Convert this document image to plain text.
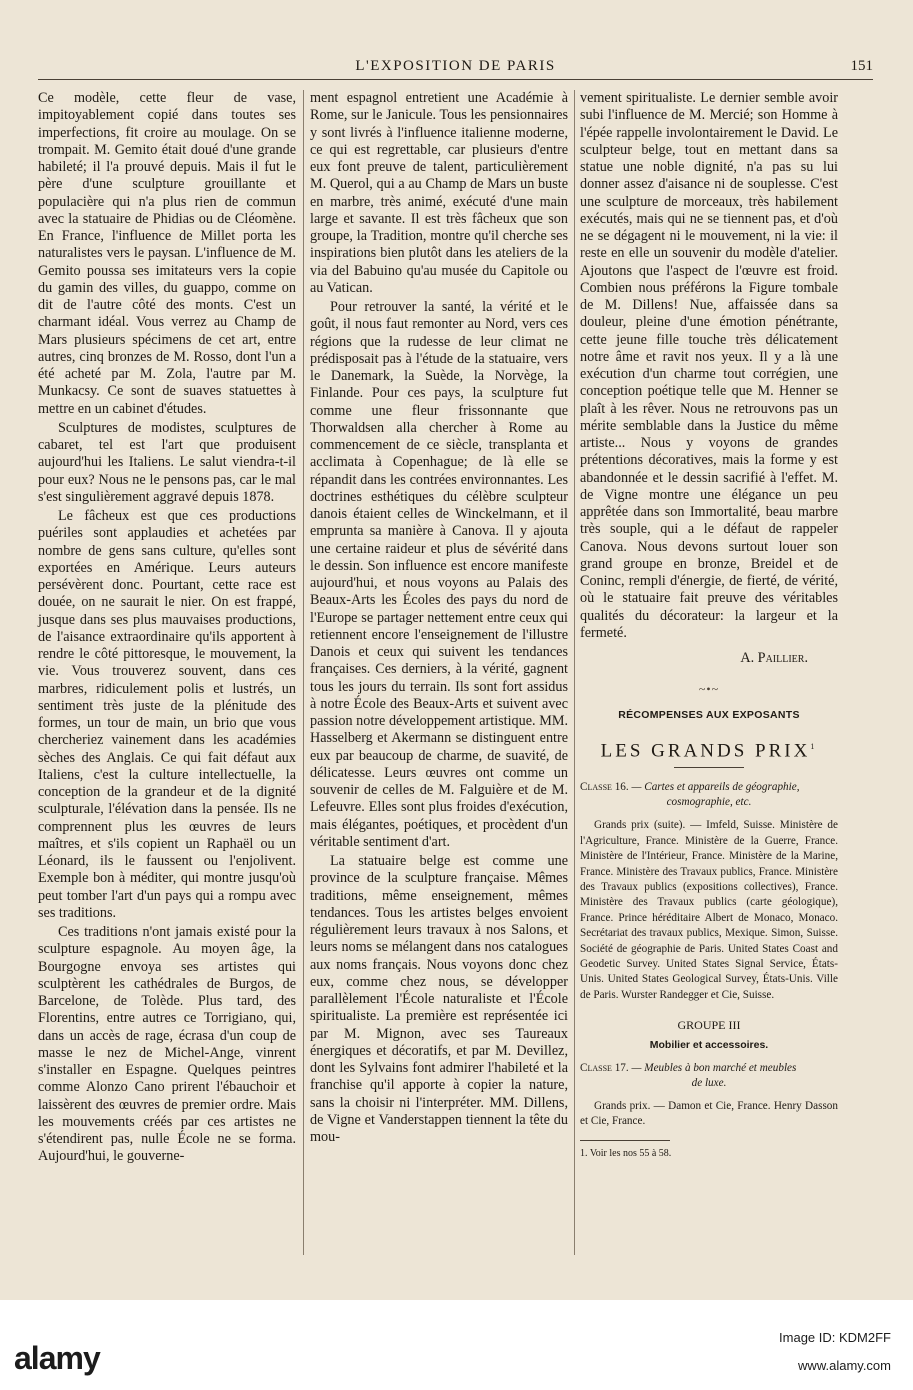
L'EXPOSITION DE PARIS	151

Ce modèle, cette fleur de vase, impitoyablement copié dans toutes ses imperfections, fit croire au moulage. On se trompait. M. Gemito était doué d'une grande habileté; il l'a prouvé depuis. Mais il fut le père d'une sculpture grouillante et populacière qui n'a plus rien de commun avec la statuaire de Phidias ou de Cléomène. En France, l'influence de Millet porta les naturalistes vers le paysan. L'influence de M. Gemito poussa ses imitateurs vers la copie du gamin des villes, du guappo, comme on dit de l'autre côté des monts. C'est un charmant idéal. Vous verrez au Champ de Mars plusieurs spécimens de cet art, entre autres, cinq bronzes de M. Rosso, dont l'un a été acheté par M. Zola, l'autre par M. Munkacsy. Ce sont de suaves statuettes à mettre en un cabinet d'études.

Sculptures de modistes, sculptures de cabaret, tel est l'art que produisent aujourd'hui les Italiens. Le salut viendra-t-il pour eux? Nous ne le pensons pas, car le mal s'est singulièrement aggravé depuis 1878.

Le fâcheux est que ces productions puériles sont applaudies et achetées par nombre de gens sans culture, qu'elles sont exportées en Amérique. Leurs auteurs persévèrent donc. Pourtant, cette race est douée, on ne saurait le nier. On est frappé, jusque dans ses plus mauvaises productions, de l'aisance extraordinaire qu'ils apportent à rendre le côté pittoresque, le mouvement, la vie. Vous trouverez souvent, dans ces marbres, ridiculement polis et lustrés, un sentiment très juste de la plénitude des formes, un tour de main, un brio que vous chercheriez vainement dans les académies sèches des Anglais. Ce qui fait défaut aux Italiens, c'est la culture intellectuelle, la conception de la grandeur et de la dignité sculpturale, l'élévation dans la pensée. Ils ne comprennent plus les œuvres de leurs maîtres, et s'ils copient un Raphaël ou un Léonard, ils le faussent ou l'enjolivent. Exemple bon à méditer, qui montre jusqu'où peut tomber l'art d'un pays qui a rompu avec ses traditions.

Ces traditions n'ont jamais existé pour la sculpture espagnole. Au moyen âge, la Bourgogne envoya ses artistes qui sculptèrent les cathédrales de Burgos, de Barcelone, de Tolède. Plus tard, des Florentins, entre autres ce Torrigiano, qui, dans un accès de rage, écrasa d'un coup de masse le nez de Michel-Ange, vinrent s'installer en Espagne. Quelques peintres comme Alonzo Cano prirent l'ébauchoir et laissèrent des œuvres de premier ordre. Mais les mouvements créés par ces artistes ne s'étendirent pas, nulle École ne se forma. Aujourd'hui, le gouverne-

ment espagnol entretient une Académie à Rome, sur le Janicule. Tous les pensionnaires y sont livrés à l'influence italienne moderne, ce qui est regrettable, car plusieurs d'entre eux font preuve de talent, particulièrement M. Querol, qui a au Champ de Mars un buste en marbre, très animé, exécuté d'une main large et savante. Il est très fâcheux que son groupe, la Tradition, montre qu'il cherche ses inspirations bien plutôt dans les ateliers de la via del Babuino qu'au musée du Capitole ou au Vatican.

Pour retrouver la santé, la vérité et le goût, il nous faut remonter au Nord, vers ces régions que la rudesse de leur climat ne prédisposait pas à l'étude de la statuaire, vers le Danemark, la Suède, la Norvège, la Finlande. Pour ces pays, la sculpture fut comme une fleur frissonnante que Thorwaldsen alla chercher à Rome au commencement de ce siècle, transplanta et acclimata à Copenhague; de là elle se répandit dans les contrées environnantes. Les doctrines esthétiques du célèbre sculpteur danois étaient celles de Winckelmann, et il emprunta sa manière à Canova. Il y ajouta une certaine raideur et plus de sévérité dans le dessin. Son influence est encore manifeste aujourd'hui, et nous voyons au Palais des Beaux-Arts les Écoles des pays du nord de l'Europe se partager nettement entre ceux qui retiennent encore l'enseignement de l'illustre Danois et ceux qui suivent les tendances françaises. Ces derniers, à la vérité, gagnent tous les jours du terrain. Ils sont fort assidus à notre École des Beaux-Arts et suivent avec passion notre développement artistique. MM. Hasselberg et Akermann se distinguent entre eux par beaucoup de charme, de suavité, de délicatesse. Leurs œuvres ont comme un souvenir de celles de M. Falguière et de M. Lefeuvre. Elles sont plus froides d'exécution, mais élégantes, poétiques, et procèdent d'un véritable sentiment d'art.

La statuaire belge est comme une province de la sculpture française. Mêmes traditions, même enseignement, mêmes tendances. Tous les artistes belges envoient régulièrement leurs travaux à nos Salons, et leurs noms se mélangent dans nos catalogues aux noms français. Nous voyons donc chez eux, comme chez nous, se développer parallèlement l'École naturaliste et l'École spiritualiste. La première est représentée ici par M. Mignon, avec ses Taureaux énergiques et décoratifs, et par M. Devillez, dont les Sylvains font admirer l'habileté et la franchise qu'il apporte à copier la nature, sans la choisir ni l'interpréter. MM. Dillens, de Vigne et Vanderstappen tiennent la tête du mou-

vement spiritualiste. Le dernier semble avoir subi l'influence de M. Mercié; son Homme à l'épée rappelle involontairement le David. Le sculpteur belge, tout en mettant dans sa statue une noble dignité, n'a pas su lui donner assez d'aisance ni de souplesse. C'est une sculpture de morceaux, très habilement exécutés, mais qui ne se tiennent pas, et d'où ne se dégagent ni le mouvement, ni la vie: il reste en elle un souvenir du modèle d'atelier. Ajoutons que l'aspect de l'œuvre est froid. Combien nous préférons la Figure tombale de M. Dillens! Nue, affaissée dans sa douleur, pleine d'une émotion pénétrante, cette jeune fille touche très délicatement notre âme et ravit nos yeux. Il y a là une exécution d'un charme tout corrégien, une conception poétique telle que M. Henner se plaît à les rêver. Nous ne retrouvons pas un mérite semblable dans la Justice du même artiste... Nous y voyons de grandes prétentions décoratives, mais la forme y est abandonnée et le dessin sacrifié à l'effet. M. de Vigne montre une élégance un peu apprêtée dans son Immortalité, beau marbre très souple, qui a le défaut de rappeler Canova. Nous devons surtout louer son grand groupe en bronze, Breidel et de Coninc, rempli d'énergie, de fierté, de vérité, où le statuaire fait preuve des véritables qualités du décorateur: la largeur et la fermeté.

A. Paillier.
~•~
RÉCOMPENSES AUX EXPOSANTS
LES GRANDS PRIX$^1$
Classe 16. — Cartes et appareils de géographie,
cosmographie, etc.

Grands prix (suite). — Imfeld, Suisse. Ministère de l'Agriculture, France. Ministère de la Guerre, France. Ministère de l'Intérieur, France. Ministère de la Marine, France. Ministère des Travaux publics, France. Ministère des Travaux publics (expositions collectives), France. Ministère des Travaux publics (carte géologique), France. Prince héréditaire Albert de Monaco, Monaco. Secrétariat des travaux publics, Mexique. Simon, Suisse. Société de géographie de Paris. United States Coast and Geodetic Survey. United States Signal Service, États-Unis. United States Geological Survey, États-Unis. Ville de Paris. Wurster Randegger et Cie, Suisse.

GROUPE III
Mobilier et accessoires.
Classe 17. — Meubles à bon marché et meubles
de luxe.

Grands prix. — Damon et Cie, France. Henry Dasson et Cie, France.

1. Voir les nos 55 à 58.
alamy
Image ID: KDM2FF
www.alamy.com
